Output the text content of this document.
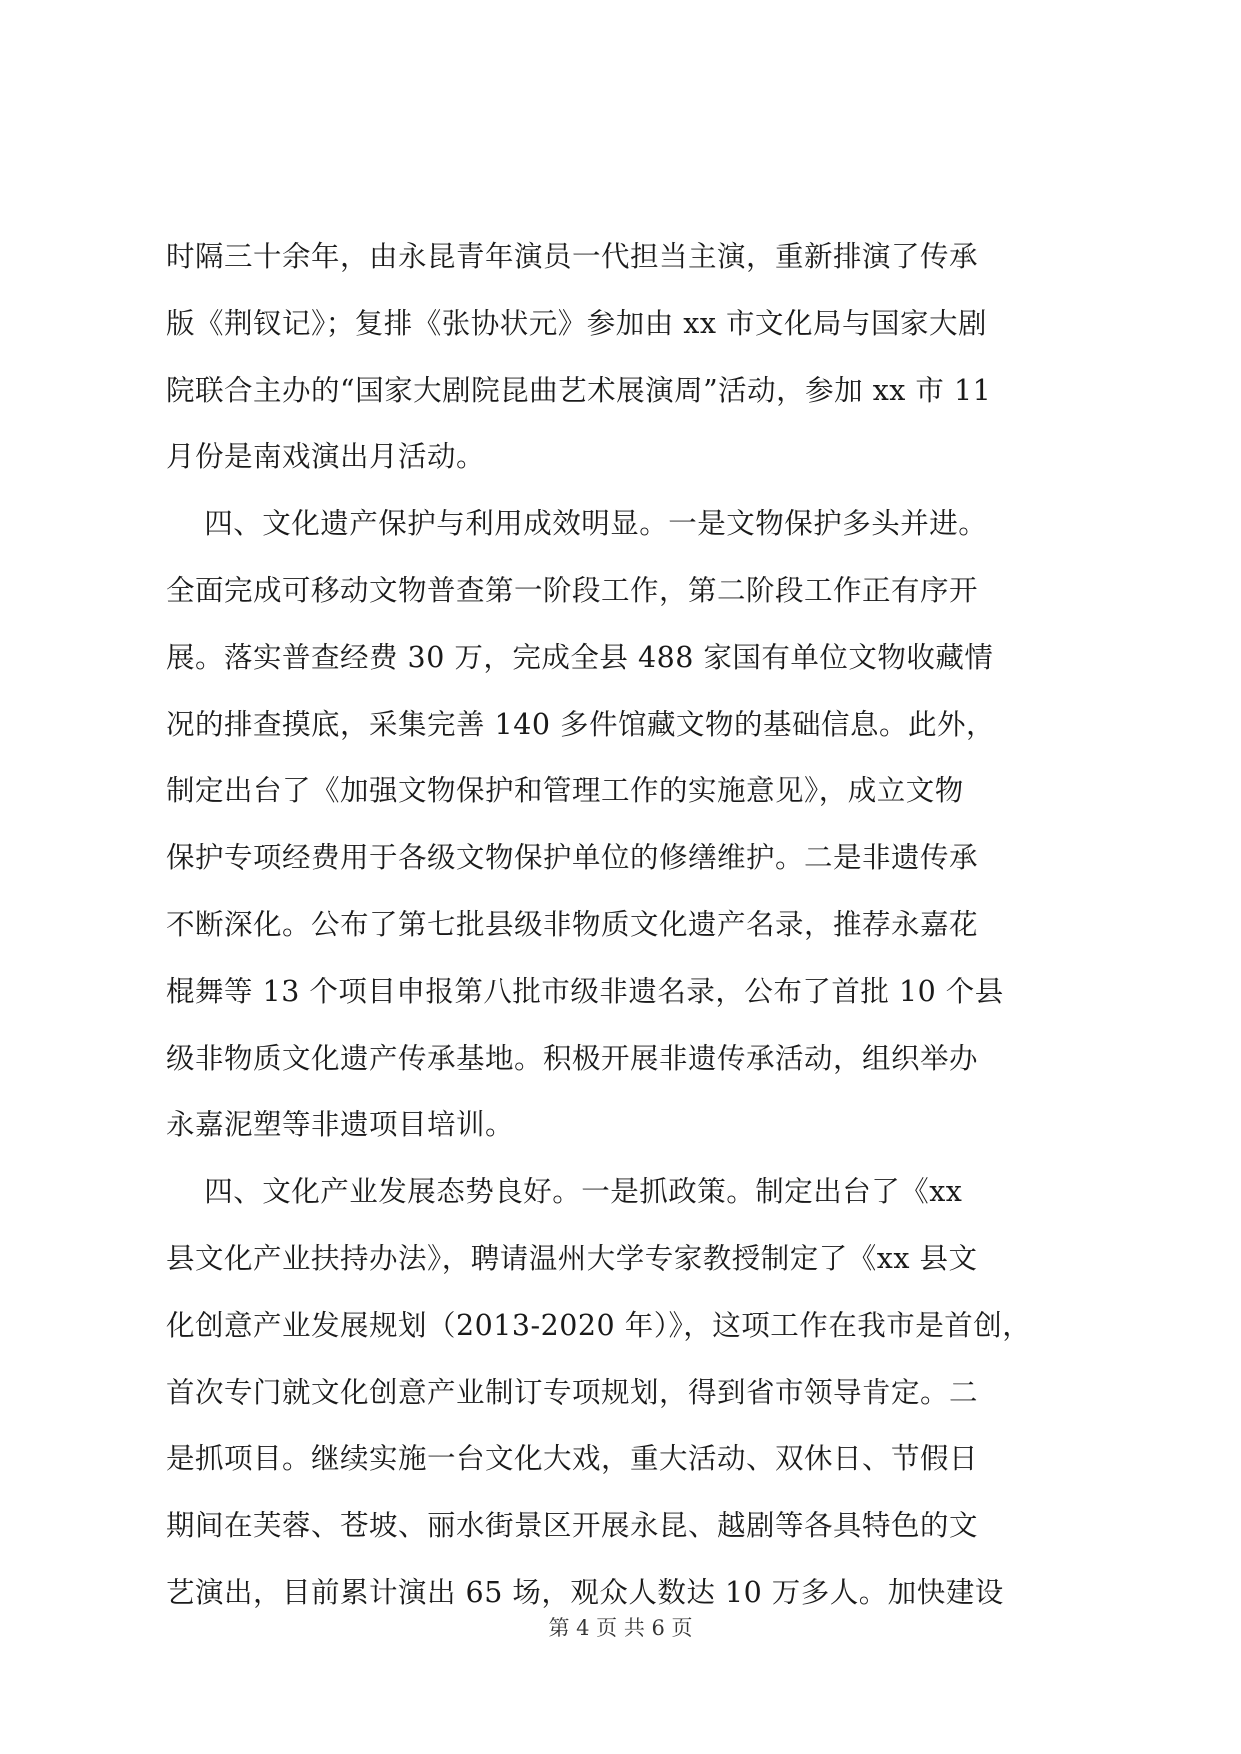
时隔三十余年，由永昆青年演员一代担当主演，重新排演了传承
版《荆钗记》；复排《张协状元》参加由 xx 市文化局与国家大剧
院联合主办的“国家大剧院昆曲艺术展演周”活动，参加 xx 市 11
月份是南戏演出月活动。
四、文化遗产保护与利用成效明显。一是文物保护多头并进。
全面完成可移动文物普查第一阶段工作，第二阶段工作正有序开
展。落实普查经费 30 万，完成全县 488 家国有单位文物收藏情
况的排查摸底，采集完善 140 多件馆藏文物的基础信息。此外，
制定出台了《加强文物保护和管理工作的实施意见》，成立文物
保护专项经费用于各级文物保护单位的修缮维护。二是非遗传承
不断深化。公布了第七批县级非物质文化遗产名录，推荐永嘉花
棍舞等 13 个项目申报第八批市级非遗名录，公布了首批 10 个县
级非物质文化遗产传承基地。积极开展非遗传承活动，组织举办
永嘉泥塑等非遗项目培训。
四、文化产业发展态势良好。一是抓政策。制定出台了《xx
县文化产业扶持办法》，聘请温州大学专家教授制定了《xx 县文
化创意产业发展规划（2013-2020 年）》，这项工作在我市是首创，
首次专门就文化创意产业制订专项规划，得到省市领导肯定。二
是抓项目。继续实施一台文化大戏，重大活动、双休日、节假日
期间在芙蓉、苍坡、丽水街景区开展永昆、越剧等各具特色的文
艺演出，目前累计演出 65 场，观众人数达 10 万多人。加快建设
第 4 页 共 6 页
